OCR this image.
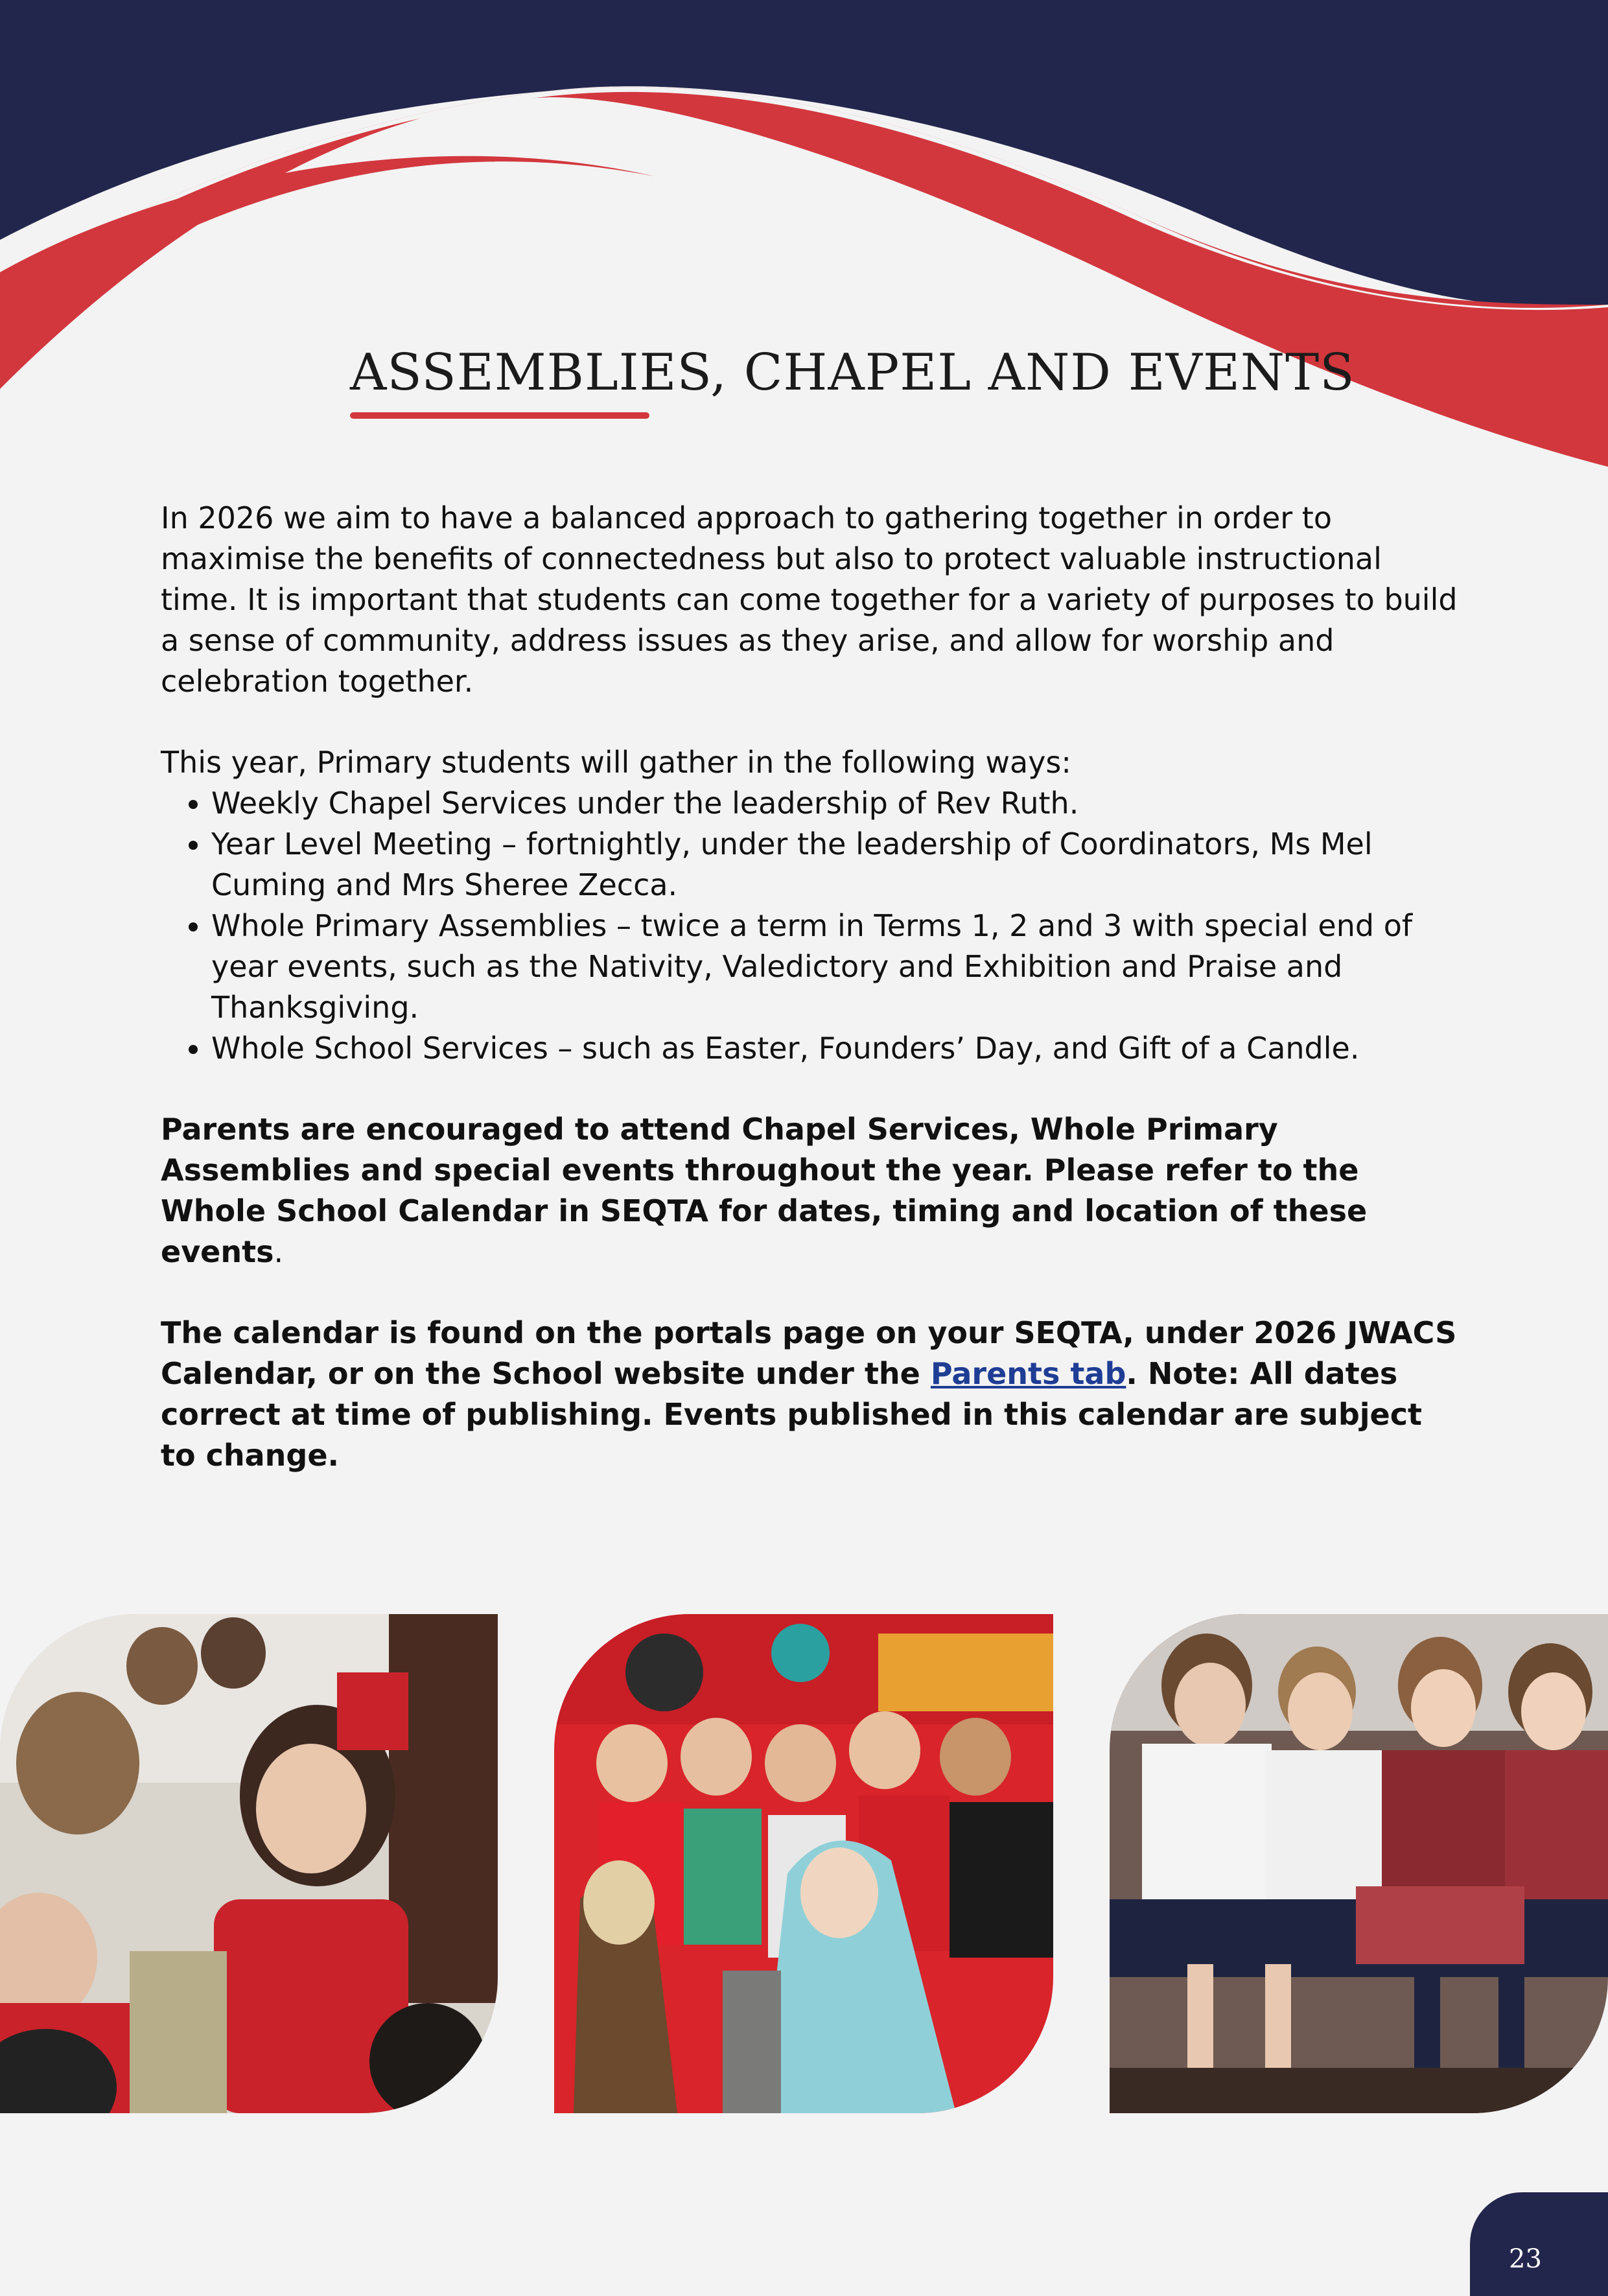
ASSEMBLIES, CHAPEL AND EVENTS

In 2026 we aim to have a balanced approach to gathering together in order to maximise the benefits of connectedness but also to protect valuable instructional time. It is important that students can come together for a variety of purposes to build a sense of community, address issues as they arise, and allow for worship and celebration together.

This year, Primary students will gather in the following ways:

• Weekly Chapel Services under the leadership of Rev Ruth.
• Year Level Meeting – fortnightly, under the leadership of Coordinators, Ms Mel Cuming and Mrs Sheree Zecca.
• Whole Primary Assemblies – twice a term in Terms 1, 2 and 3 with special end of year events, such as the Nativity, Valedictory and Exhibition and Praise and Thanksgiving.
• Whole School Services – such as Easter, Founders’ Day, and Gift of a Candle.

Parents are encouraged to attend Chapel Services, Whole Primary Assemblies and special events throughout the year. Please refer to the Whole School Calendar in SEQTA for dates, timing and location of these events.

The calendar is found on the portals page on your SEQTA, under 2026 JWACS Calendar, or on the School website under the Parents tab. Note: All dates correct at time of publishing. Events published in this calendar are subject to change.

23
